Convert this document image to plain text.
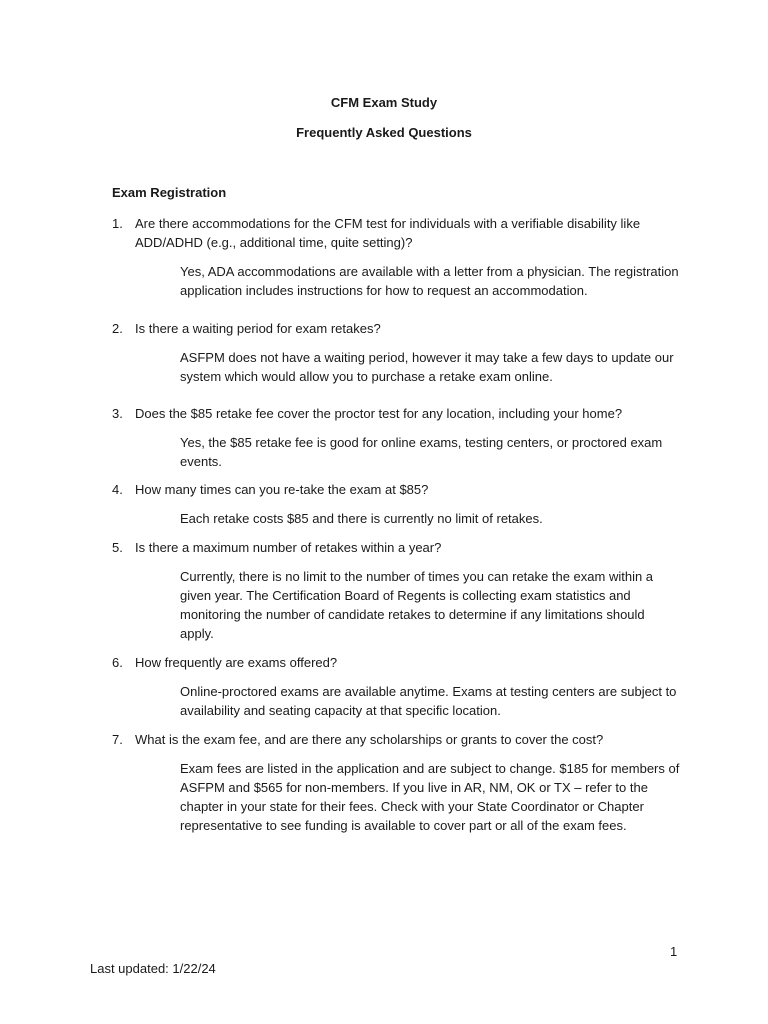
CFM Exam Study
Frequently Asked Questions
Exam Registration
1. Are there accommodations for the CFM test for individuals with a verifiable disability like ADD/ADHD (e.g., additional time, quite setting)?
Yes, ADA accommodations are available with a letter from a physician. The registration application includes instructions for how to request an accommodation.
2. Is there a waiting period for exam retakes?
ASFPM does not have a waiting period, however it may take a few days to update our system which would allow you to purchase a retake exam online.
3. Does the $85 retake fee cover the proctor test for any location, including your home?
Yes, the $85 retake fee is good for online exams, testing centers, or proctored exam events.
4. How many times can you re-take the exam at $85?
Each retake costs $85 and there is currently no limit of retakes.
5. Is there a maximum number of retakes within a year?
Currently, there is no limit to the number of times you can retake the exam within a given year. The Certification Board of Regents is collecting exam statistics and monitoring the number of candidate retakes to determine if any limitations should apply.
6. How frequently are exams offered?
Online-proctored exams are available anytime. Exams at testing centers are subject to availability and seating capacity at that specific location.
7. What is the exam fee, and are there any scholarships or grants to cover the cost?
Exam fees are listed in the application and are subject to change. $185 for members of ASFPM and $565 for non-members. If you live in AR, NM, OK or TX – refer to the chapter in your state for their fees. Check with your State Coordinator or Chapter representative to see funding is available to cover part or all of the exam fees.
1
Last updated: 1/22/24
